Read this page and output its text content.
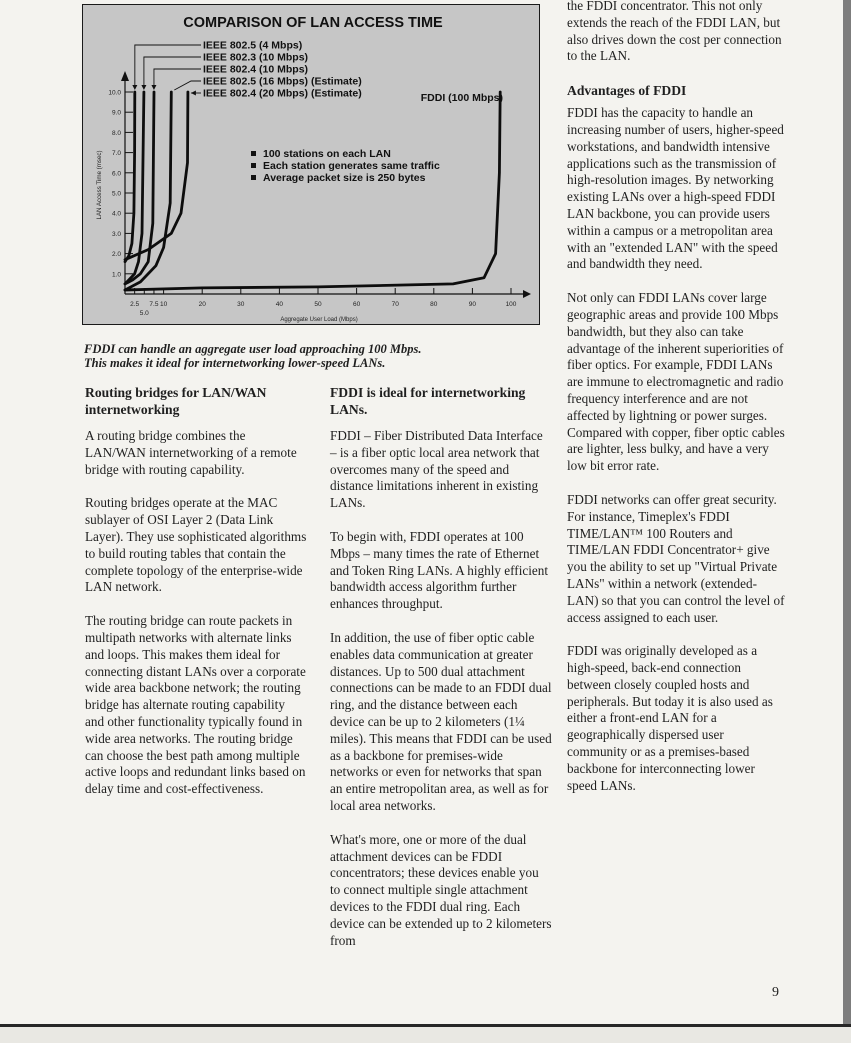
COMPARISON OF LAN ACCESS TIME
1.0
2.0
3.0
4.0
5.0
6.0
7.0
8.0
9.0
10.0
2.5
5.0
7.5 10	20	30	40	50	60	70	80	90	100
Aggregate User Load (Mbps)
LAN Access Time (msec)
IEEE 802.5 (4 Mbps)
IEEE 802.3 (10 Mbps)
IEEE 802.4 (10 Mbps)
IEEE 802.5 (16 Mbps) (Estimate)
IEEE 802.4 (20 Mbps) (Estimate)	FDDI (100 Mbps)
100 stations on each LAN
Each station generates same traffic
Average packet size is 250 bytes
FDDI can handle an aggregate user load approaching 100 Mbps.
This makes it ideal for internetworking lower-speed LANs.
Routing bridges for LAN/WAN internetworking

A routing bridge combines the LAN/WAN internetworking of a remote bridge with routing capability.

Routing bridges operate at the MAC sublayer of OSI Layer 2 (Data Link Layer). They use sophisticated algorithms to build routing tables that contain the complete topology of the enterprise-wide LAN network.

The routing bridge can route packets in multipath networks with alternate links and loops. This makes them ideal for connecting distant LANs over a corporate wide area backbone network; the routing bridge has alternate routing capability and other functionality typically found in wide area networks. The routing bridge can choose the best path among multiple active loops and redundant links based on delay time and cost-effectiveness.

FDDI is ideal for internetworking LANs.

FDDI – Fiber Distributed Data Interface – is a fiber optic local area network that overcomes many of the speed and distance limitations inherent in existing LANs.

To begin with, FDDI operates at 100 Mbps – many times the rate of Ethernet and Token Ring LANs. A highly efficient bandwidth access algorithm further enhances throughput.

In addition, the use of fiber optic cable enables data communication at greater distances. Up to 500 dual attachment connections can be made to an FDDI dual ring, and the distance between each device can be up to 2 kilometers (1¼ miles). This means that FDDI can be used as a backbone for premises-wide networks or even for networks that span an entire metropolitan area, as well as for local area networks.

What's more, one or more of the dual attachment devices can be FDDI concentrators; these devices enable you to connect multiple single attachment devices to the FDDI dual ring. Each device can be extended up to 2 kilometers from

the FDDI concentrator. This not only extends the reach of the FDDI LAN, but also drives down the cost per connection to the LAN.

Advantages of FDDI

FDDI has the capacity to handle an increasing number of users, higher-speed workstations, and bandwidth intensive applications such as the transmission of high-resolution images. By networking existing LANs over a high-speed FDDI LAN backbone, you can provide users within a campus or a metropolitan area with an "extended LAN" with the speed and bandwidth they need.

Not only can FDDI LANs cover large geographic areas and provide 100 Mbps bandwidth, but they also can take advantage of the inherent superiorities of fiber optics. For example, FDDI LANs are immune to electromagnetic and radio frequency interference and are not affected by lightning or power surges. Compared with copper, fiber optic cables are lighter, less bulky, and have a very low bit error rate.

FDDI networks can offer great security. For instance, Timeplex's FDDI TIME/LAN™ 100 Routers and TIME/LAN FDDI Concentrator+ give you the ability to set up "Virtual Private LANs" within a network (extended-LAN) so that you can control the level of access assigned to each user.

FDDI was originally developed as a high-speed, back-end connection between closely coupled hosts and peripherals. But today it is also used as either a front-end LAN for a geographically dispersed user community or as a premises-based backbone for interconnecting lower speed LANs.

9
